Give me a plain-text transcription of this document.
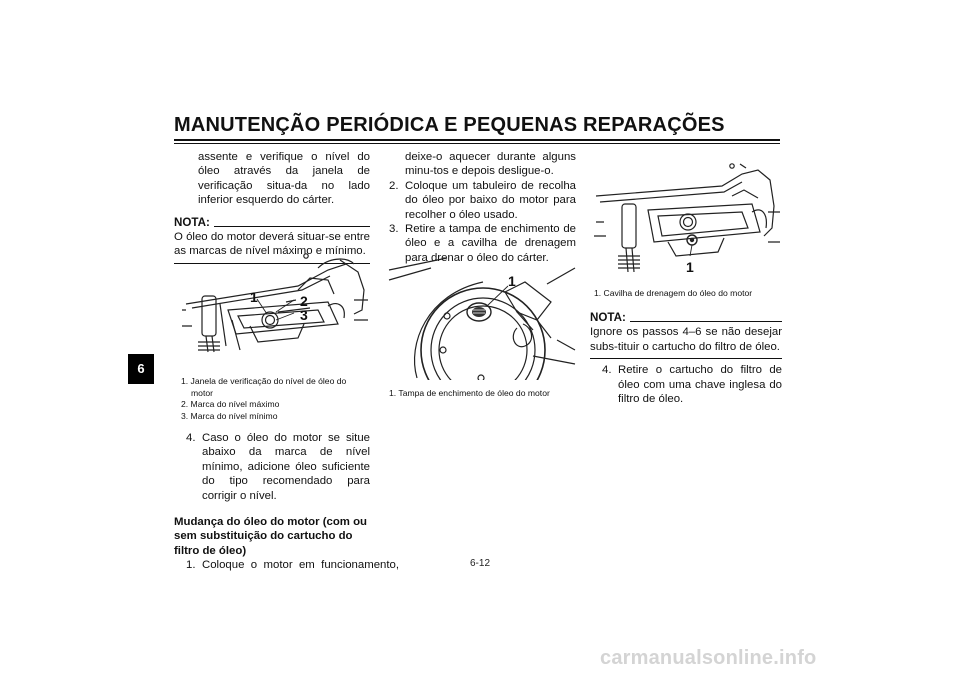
MANUTENÇÃO PERIÓDICA E PEQUENAS REPARAÇÕES
6
assente e verifique o nível do óleo através da janela de verificação situa-da no lado inferior esquerdo do cárter.
NOTA:
O óleo do motor deverá situar-se entre as marcas de nível máximo e mínimo.
1	2
3
1. Janela de verificação do nível de óleo do
motor
2. Marca do nível máximo
3. Marca do nível mínimo
4. Caso o óleo do motor se situe abaixo da marca de nível mínimo, adicione óleo suficiente do tipo recomendado para corrigir o nível.
Mudança do óleo do motor (com ou sem substituição do cartucho do filtro de óleo)
1. Coloque o motor em funcionamento,
deixe-o aquecer durante alguns minu-tos e depois desligue-o.
2. Coloque um tabuleiro de recolha do óleo por baixo do motor para recolher o óleo usado.
3. Retire a tampa de enchimento de óleo e a cavilha de drenagem para drenar o óleo do cárter.
1
1. Tampa de enchimento de óleo do motor
1
1. Cavilha de drenagem do óleo do motor
NOTA:
Ignore os passos 4–6 se não desejar subs-tituir o cartucho do filtro de óleo.
4. Retire o cartucho do filtro de óleo com uma chave inglesa do filtro de óleo.
6-12
carmanualsonline.info
